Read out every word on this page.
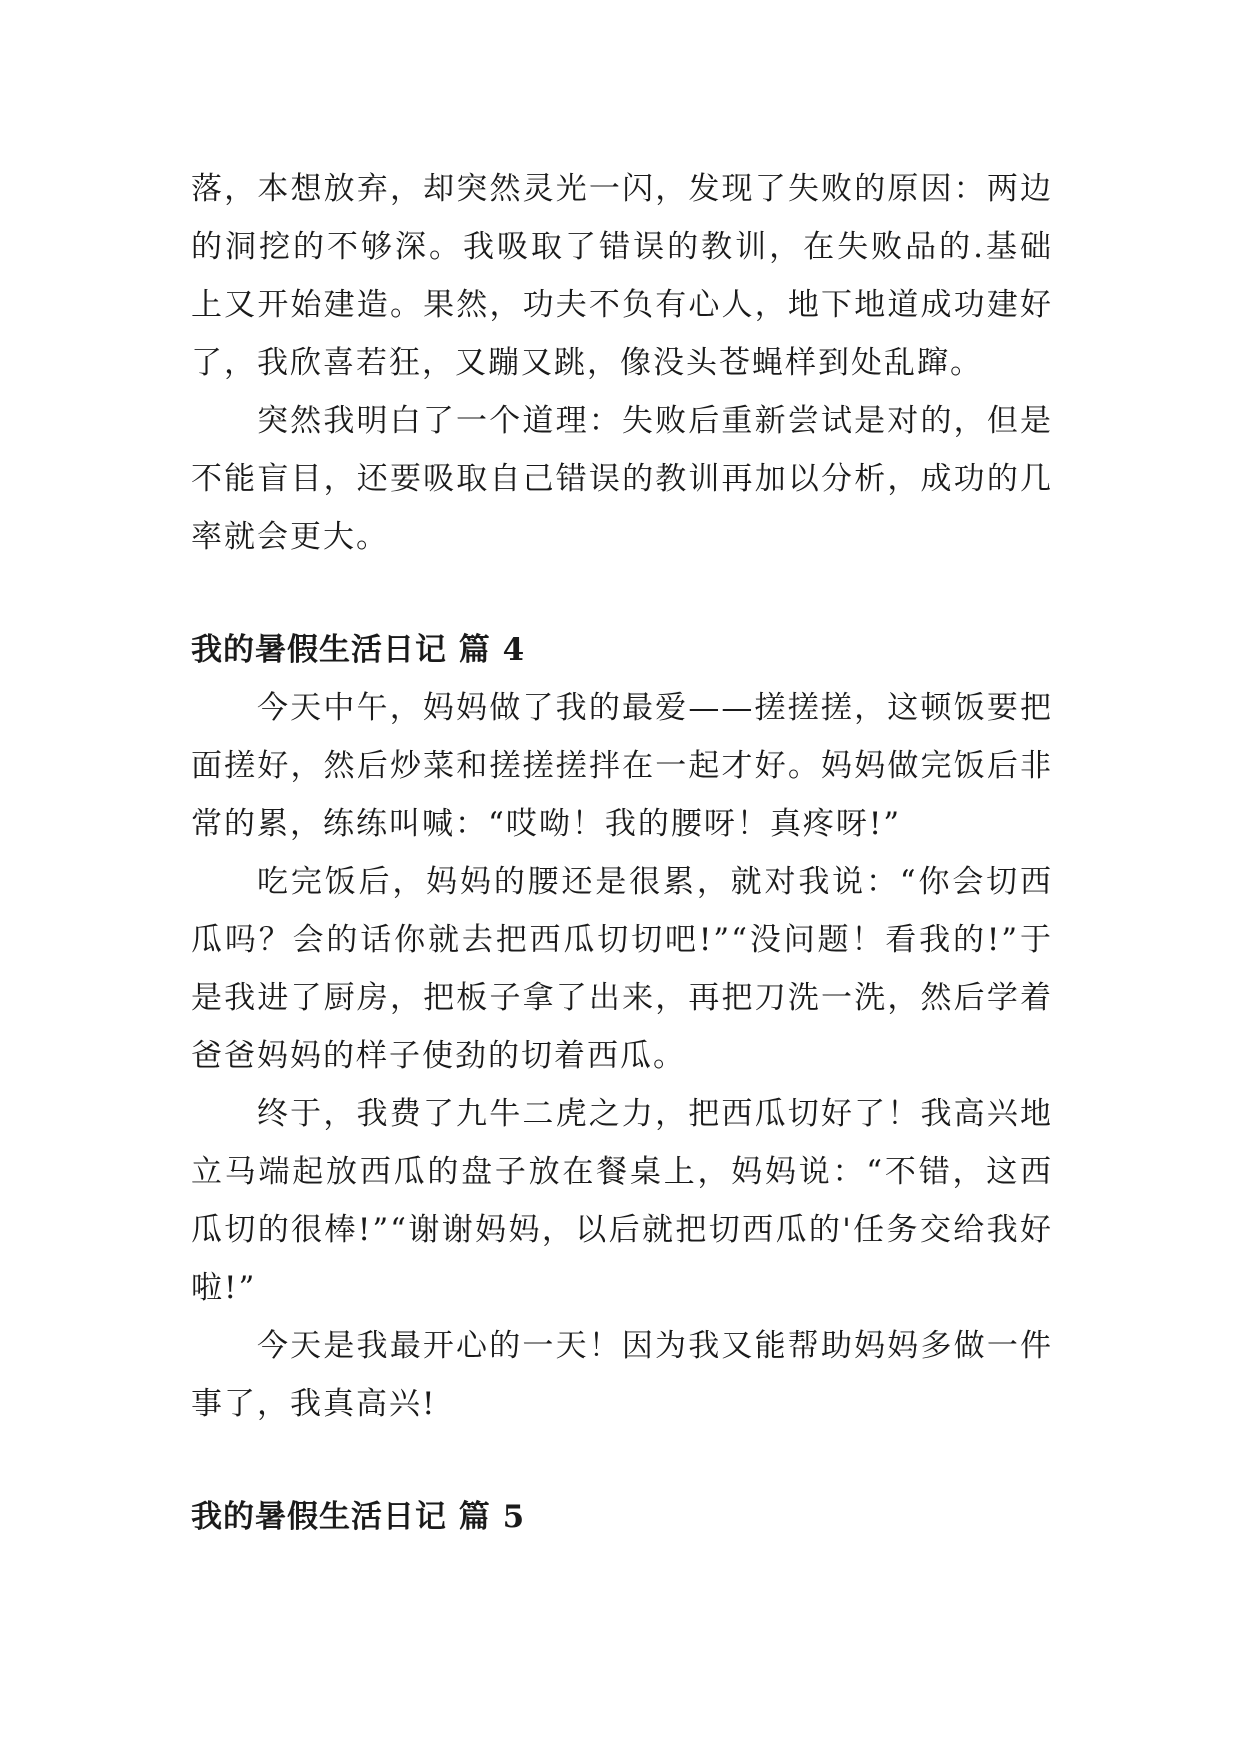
落，本想放弃，却突然灵光一闪，发现了失败的原因：两边的洞挖的不够深。我吸取了错误的教训，在失败品的.基础上又开始建造。果然，功夫不负有心人，地下地道成功建好了，我欣喜若狂，又蹦又跳，像没头苍蝇样到处乱蹿。

突然我明白了一个道理：失败后重新尝试是对的，但是不能盲目，还要吸取自己错误的教训再加以分析，成功的几率就会更大。

我的暑假生活日记 篇 4

今天中午，妈妈做了我的最爱——搓搓搓，这顿饭要把面搓好，然后炒菜和搓搓搓拌在一起才好。妈妈做完饭后非常的累，练练叫喊：“哎呦！我的腰呀！真疼呀!”

吃完饭后，妈妈的腰还是很累，就对我说：“你会切西瓜吗？会的话你就去把西瓜切切吧!”“没问题！看我的!”于是我进了厨房，把板子拿了出来，再把刀洗一洗，然后学着爸爸妈妈的样子使劲的切着西瓜。

终于，我费了九牛二虎之力，把西瓜切好了！我高兴地立马端起放西瓜的盘子放在餐桌上，妈妈说：“不错，这西瓜切的很棒!”“谢谢妈妈，以后就把切西瓜的'任务交给我好啦!”

今天是我最开心的一天！因为我又能帮助妈妈多做一件事了，我真高兴!

我的暑假生活日记 篇 5
